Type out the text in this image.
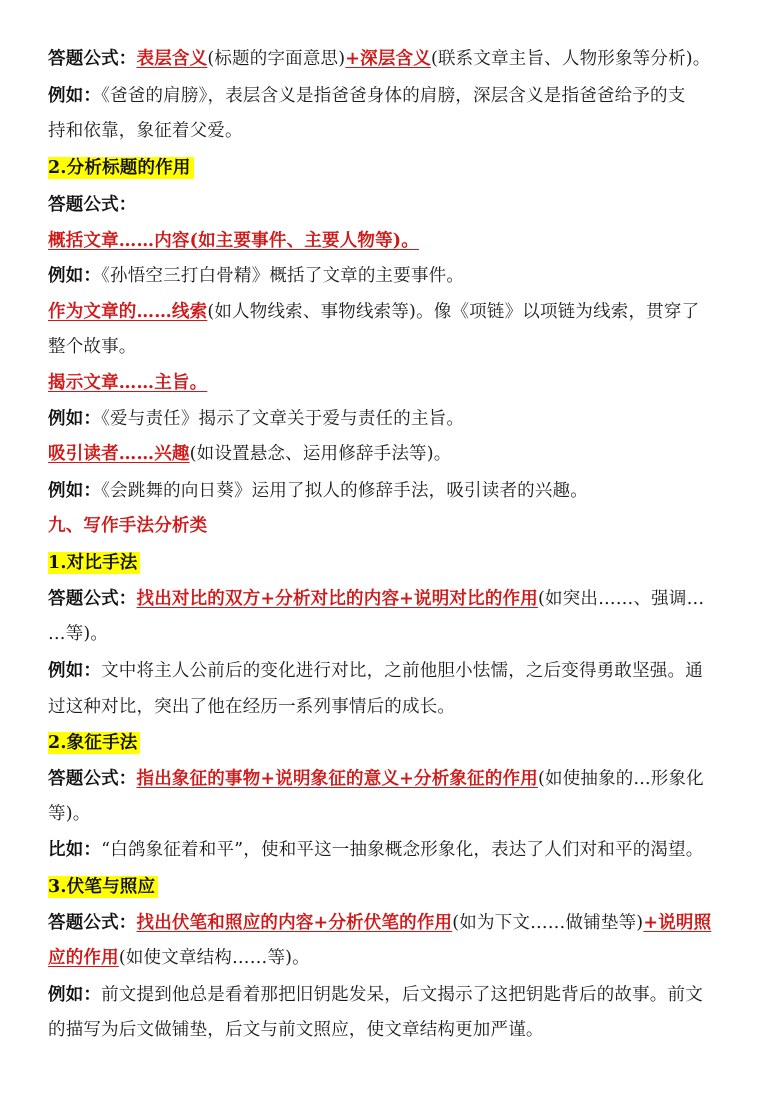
答题公式：表层含义(标题的字面意思)+深层含义(联系文章主旨、人物形象等分析)。
例如：《爸爸的肩膀》，表层含义是指爸爸身体的肩膀，深层含义是指爸爸给予的支
持和依靠，象征着父爱。
2.分析标题的作用
答题公式：
概括文章……内容(如主要事件、主要人物等)。
例如：《孙悟空三打白骨精》概括了文章的主要事件。
作为文章的……线索(如人物线索、事物线索等)。像《项链》以项链为线索，贯穿了
整个故事。
揭示文章……主旨。
例如：《爱与责任》揭示了文章关于爱与责任的主旨。
吸引读者……兴趣(如设置悬念、运用修辞手法等)。
例如：《会跳舞的向日葵》运用了拟人的修辞手法，吸引读者的兴趣。
九、写作手法分析类
1.对比手法
答题公式：找出对比的双方+分析对比的内容+说明对比的作用(如突出……、强调…
…等)。
例如：文中将主人公前后的变化进行对比，之前他胆小怯懦，之后变得勇敢坚强。通
过这种对比，突出了他在经历一系列事情后的成长。
2.象征手法
答题公式：指出象征的事物+说明象征的意义+分析象征的作用(如使抽象的...形象化
等)。
比如：“白鸽象征着和平”，使和平这一抽象概念形象化，表达了人们对和平的渴望。
3.伏笔与照应
答题公式：找出伏笔和照应的内容+分析伏笔的作用(如为下文……做铺垫等)+说明照
应的作用(如使文章结构……等)。
例如：前文提到他总是看着那把旧钥匙发呆，后文揭示了这把钥匙背后的故事。前文
的描写为后文做铺垫，后文与前文照应，使文章结构更加严谨。
